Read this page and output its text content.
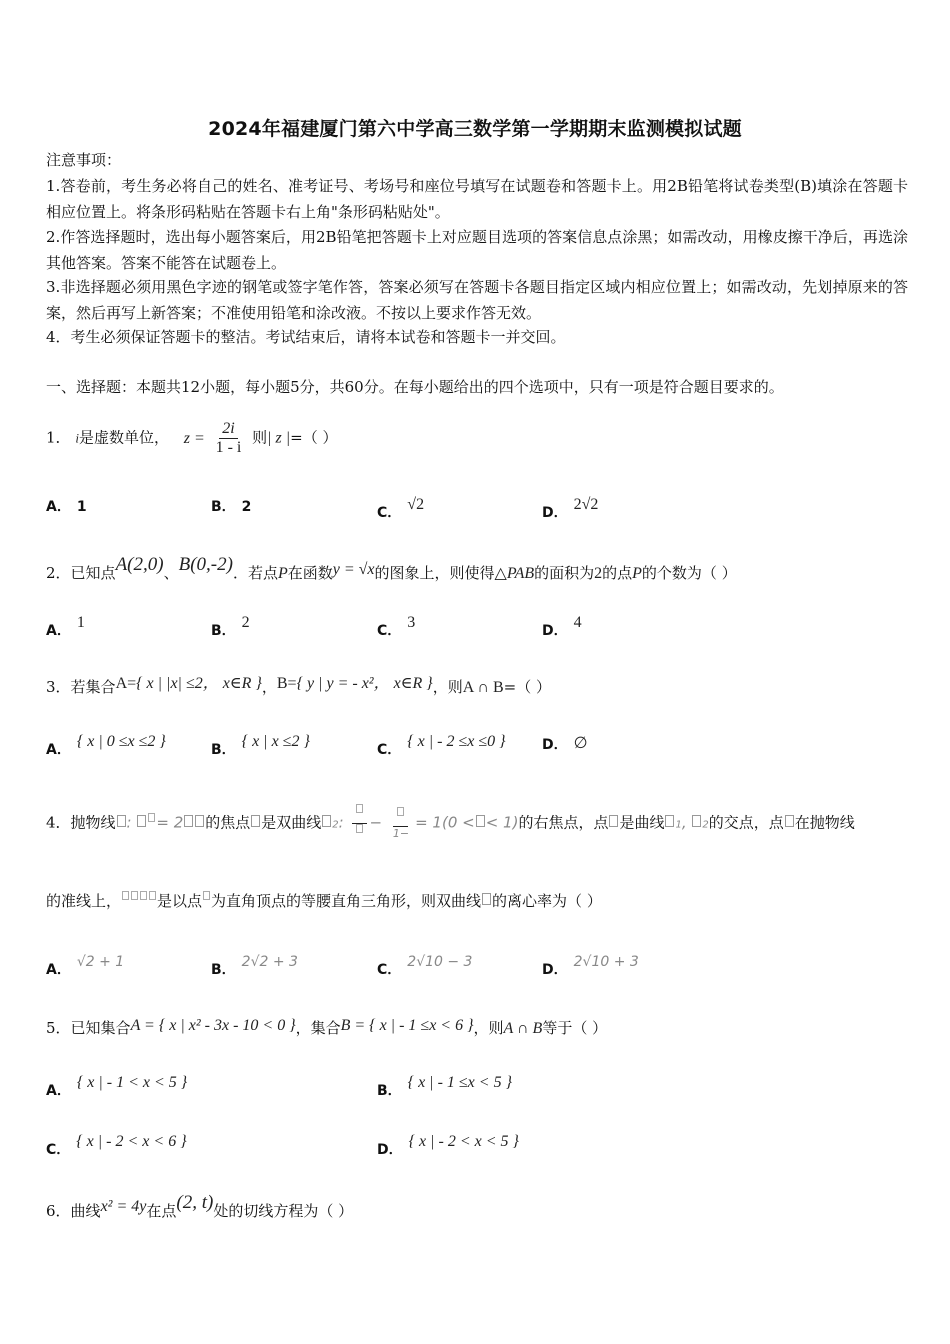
2024年福建厦门第六中学高三数学第一学期期末监测模拟试题
注意事项：
1.答卷前，考生务必将自己的姓名、准考证号、考场号和座位号填写在试题卷和答题卡上。用2B铅笔将试卷类型(B)填涂在答题卡相应位置上。将条形码粘贴在答题卡右上角"条形码粘贴处"。
2.作答选择题时，选出每小题答案后，用2B铅笔把答题卡上对应题目选项的答案信息点涂黑；如需改动，用橡皮擦干净后，再选涂其他答案。答案不能答在试题卷上。
3.非选择题必须用黑色字迹的钢笔或签字笔作答，答案必须写在答题卡各题目指定区域内相应位置上；如需改动，先划掉原来的答案，然后再写上新答案；不准使用铅笔和涂改液。不按以上要求作答无效。
4．考生必须保证答题卡的整洁。考试结束后，请将本试卷和答题卡一并交回。
一、选择题：本题共12小题，每小题5分，共60分。在每小题给出的四个选项中，只有一项是符合题目要求的。
1． i是虚数单位， $z = \frac{2i}{1 - i}$ 则| z |=（ ）
A． 1	B． 2	C． √2	D． 2√2
2．已知点A(2,0)、B(0,-2)．若点P在函数y = √x的图象上，则使得△PAB的面积为2的点P的个数为（ ）
A． 1	B． 2	C． 3	D． 4
3．若集合A={ x | |x| ≤2， x∈R }，B={ y | y = - x²， x∈R }，则A ∩ B=（ ）
A． { x | 0 ≤x ≤2 }	B． { x | x ≤2 }	C． { x | - 2 ≤x ≤0 }	D． ∅
4．抛物线 : = 2 的焦点 是双曲线 2: −
1−
= 1(0 < < 1)的右焦点，点 是曲线 1, 2的交点，点 在抛物线
的准线上， 是以点 为直角顶点的等腰直角三角形，则双曲线 的离心率为（ ）
A． √2 + 1	B． 2√2 + 3	C． 2√10 − 3	D． 2√10 + 3
5．已知集合A = { x | x² - 3x - 10 < 0 }，集合B = { x | - 1 ≤x < 6 }，则A ∩ B等于（ ）
A． { x | - 1 < x < 5 }	B． { x | - 1 ≤x < 5 }
C． { x | - 2 < x < 6 }	D． { x | - 2 < x < 5 }
6．曲线x² = 4y在点(2, t)处的切线方程为（ ）
